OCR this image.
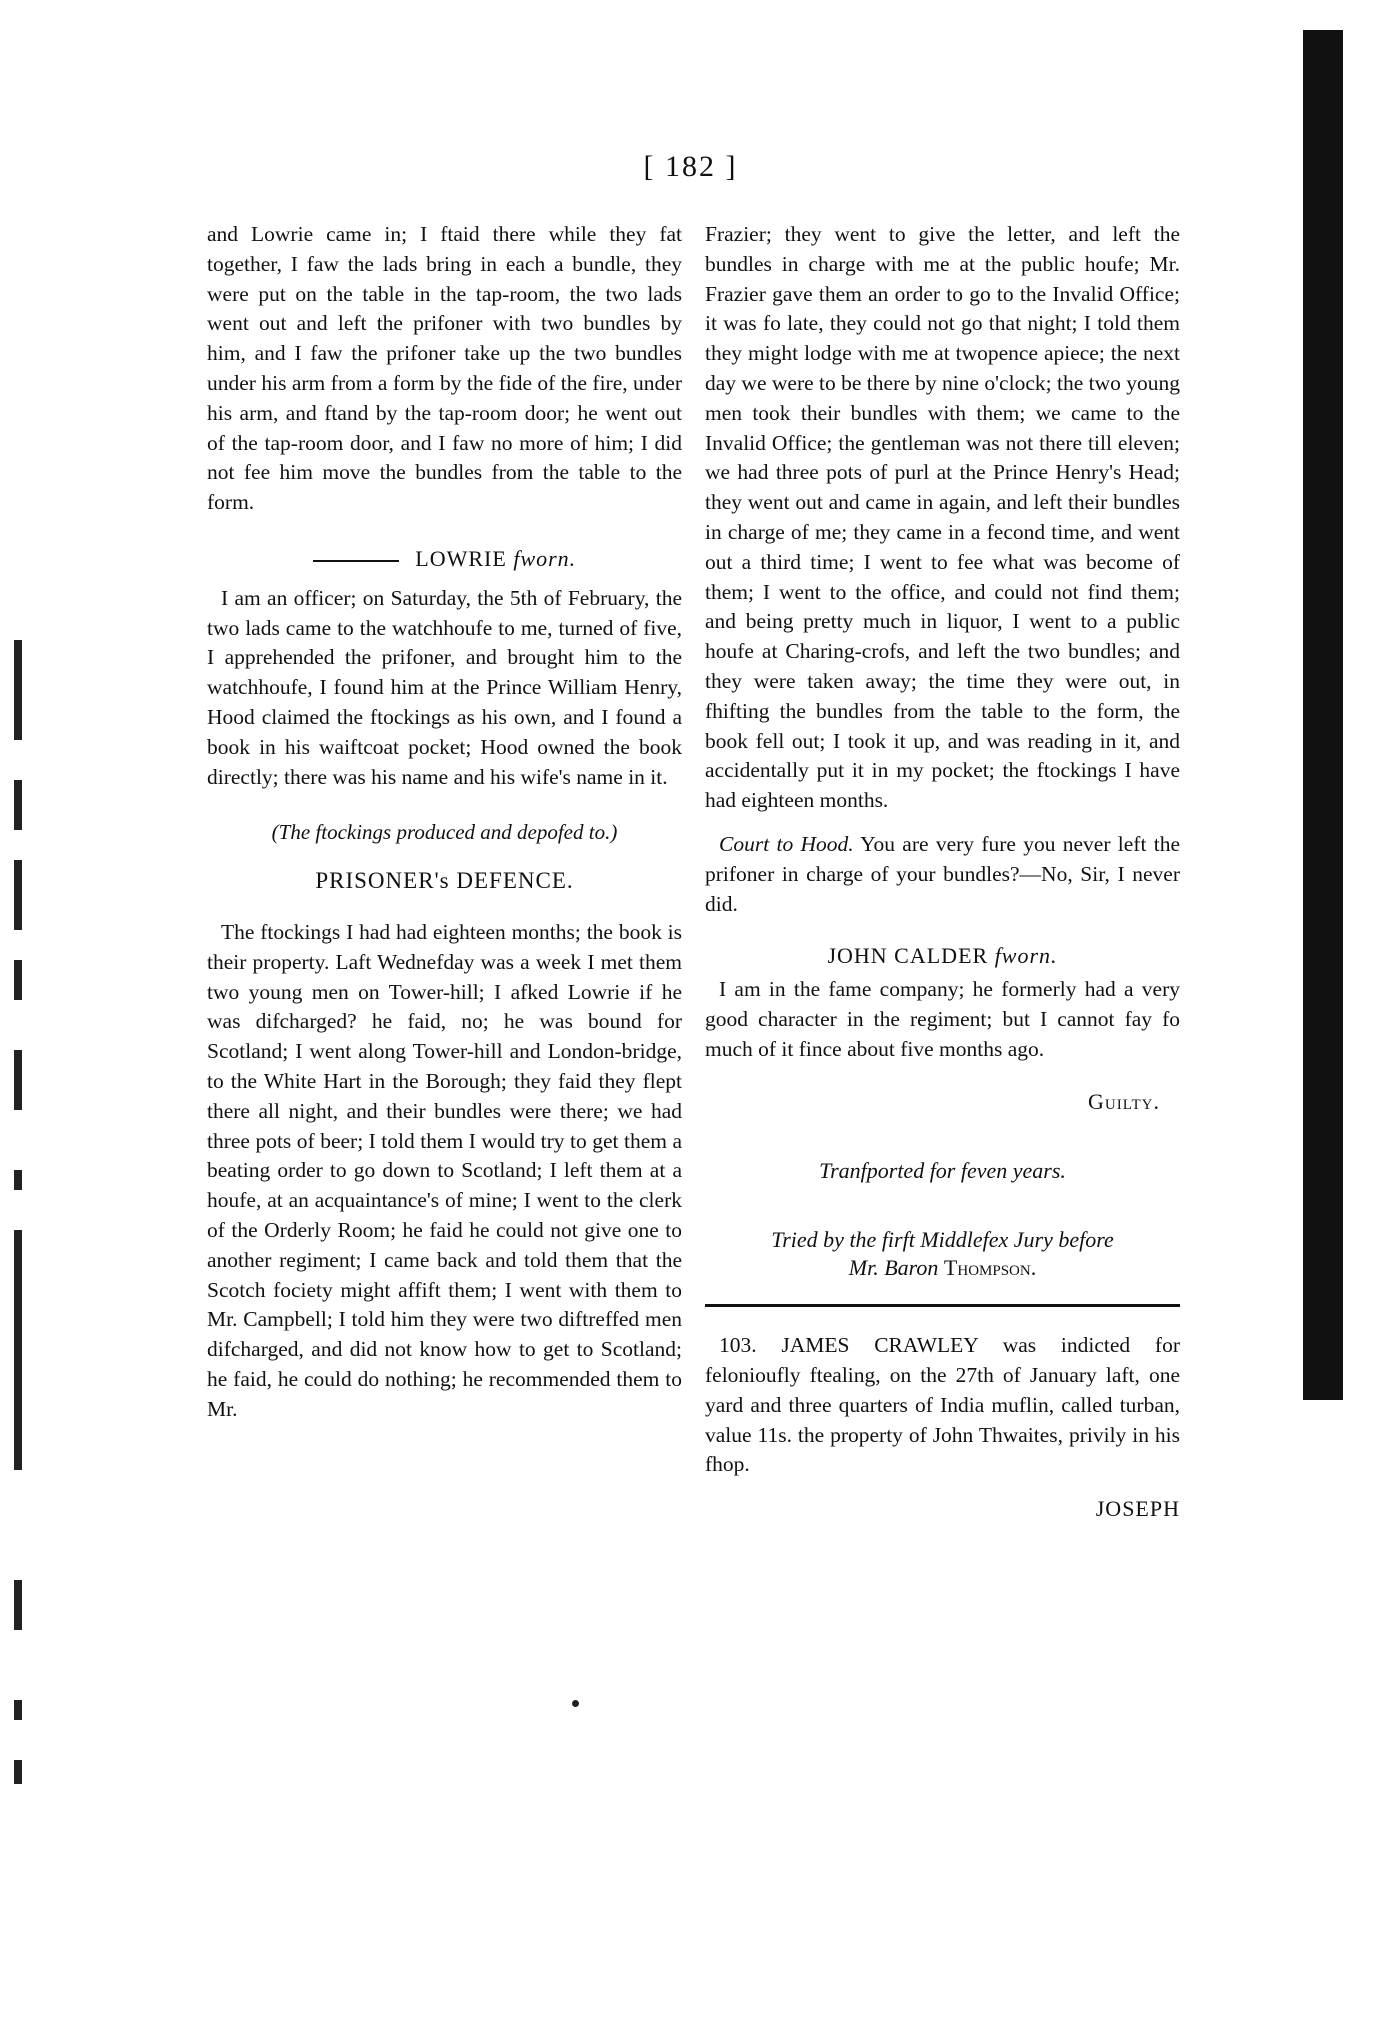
[ 182 ]

and Lowrie came in; I ftaid there while they fat together, I faw the lads bring in each a bundle, they were put on the table in the tap-room, the two lads went out and left the prifoner with two bundles by him, and I faw the prifoner take up the two bundles under his arm from a form by the fide of the fire, under his arm, and ftand by the tap-room door; he went out of the tap-room door, and I faw no more of him; I did not fee him move the bundles from the table to the form.

LOWRIE fworn.

I am an officer; on Saturday, the 5th of February, the two lads came to the watchhoufe to me, turned of five, I apprehended the prifoner, and brought him to the watchhoufe, I found him at the Prince William Henry, Hood claimed the ftockings as his own, and I found a book in his waiftcoat pocket; Hood owned the book directly; there was his name and his wife's name in it.

(The ftockings produced and depofed to.)
PRISONER's DEFENCE.

The ftockings I had had eighteen months; the book is their property. Laft Wednefday was a week I met them two young men on Tower-hill; I afked Lowrie if he was difcharged? he faid, no; he was bound for Scotland; I went along Tower-hill and London-bridge, to the White Hart in the Borough; they faid they flept there all night, and their bundles were there; we had three pots of beer; I told them I would try to get them a beating order to go down to Scotland; I left them at a houfe, at an acquaintance's of mine; I went to the clerk of the Orderly Room; he faid he could not give one to another regiment; I came back and told them that the Scotch fociety might affift them; I went with them to Mr. Campbell; I told him they were two diftreffed men difcharged, and did not know how to get to Scotland; he faid, he could do nothing; he recommended them to Mr.

Frazier; they went to give the letter, and left the bundles in charge with me at the public houfe; Mr. Frazier gave them an order to go to the Invalid Office; it was fo late, they could not go that night; I told them they might lodge with me at twopence apiece; the next day we were to be there by nine o'clock; the two young men took their bundles with them; we came to the Invalid Office; the gentleman was not there till eleven; we had three pots of purl at the Prince Henry's Head; they went out and came in again, and left their bundles in charge of me; they came in a fecond time, and went out a third time; I went to fee what was become of them; I went to the office, and could not find them; and being pretty much in liquor, I went to a public houfe at Charing-crofs, and left the two bundles; and they were taken away; the time they were out, in fhifting the bundles from the table to the form, the book fell out; I took it up, and was reading in it, and accidentally put it in my pocket; the ftockings I have had eighteen months.

Court to Hood. You are very fure you never left the prifoner in charge of your bundles?—No, Sir, I never did.

JOHN CALDER fworn.

I am in the fame company; he formerly had a very good character in the regiment; but I cannot fay fo much of it fince about five months ago.

Guilty.
Tranfported for feven years.
Tried by the firft Middlefex Jury before
Mr. Baron Thompson.

103. JAMES CRAWLEY was indicted for felonioufly ftealing, on the 27th of January laft, one yard and three quarters of India muflin, called turban, value 11s. the property of John Thwaites, privily in his fhop.

JOSEPH
